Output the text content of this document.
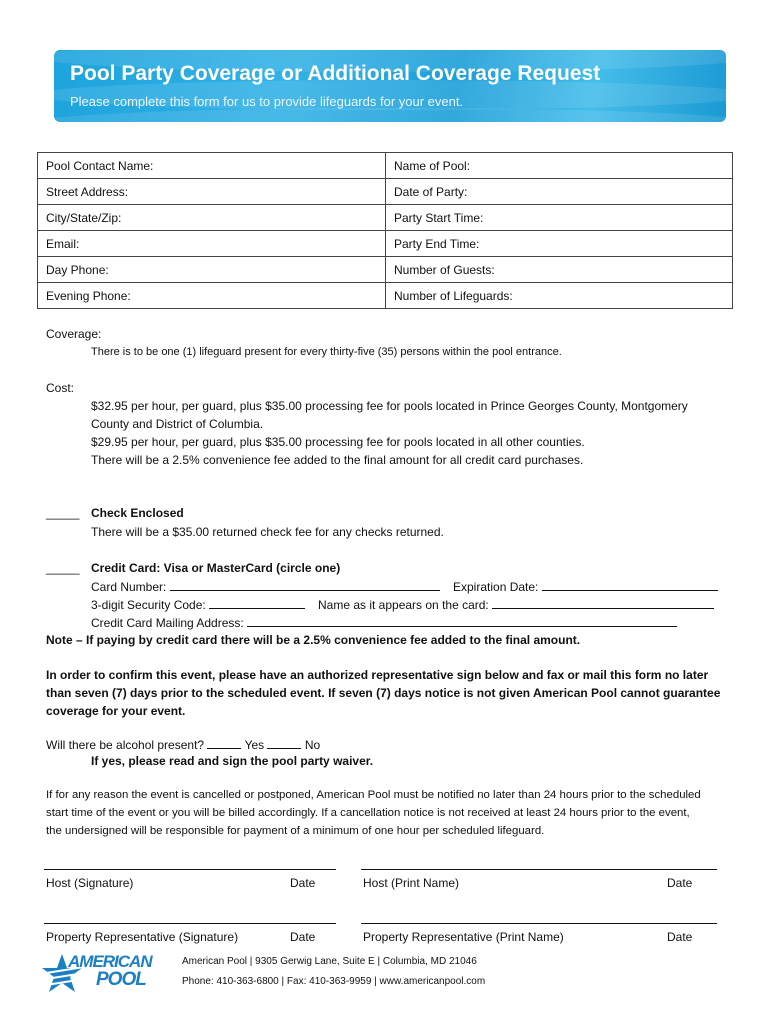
Pool Party Coverage or Additional Coverage Request
Please complete this form for us to provide lifeguards for your event.
Pool Contact Name:	Name of Pool:
Street Address:	Date of Party:
City/State/Zip:	Party Start Time:
Email:	Party End Time:
Day Phone:	Number of Guests:
Evening Phone:	Number of Lifeguards:
Coverage:
There is to be one (1) lifeguard present for every thirty-five (35) persons within the pool entrance.
Cost:
$32.95 per hour, per guard, plus $35.00 processing fee for pools located in Prince Georges County, Montgomery
County and District of Columbia.
$29.95 per hour, per guard, plus $35.00 processing fee for pools located in all other counties.
There will be a 2.5% convenience fee added to the final amount for all credit card purchases.
_____ Check Enclosed
There will be a $35.00 returned check fee for any checks returned.
_____ Credit Card: Visa or MasterCard (circle one)
Card Number:	Expiration Date:
3-digit Security Code:	Name as it appears on the card:
Credit Card Mailing Address:
Note – If paying by credit card there will be a 2.5% convenience fee added to the final amount.
In order to confirm this event, please have an authorized representative sign below and fax or mail this form no later
than seven (7) days prior to the scheduled event. If seven (7) days notice is not given American Pool cannot guarantee
coverage for your event.
Will there be alcohol present?	Yes	No
If yes, please read and sign the pool party waiver.
If for any reason the event is cancelled or postponed, American Pool must be notified no later than 24 hours prior to the scheduled
start time of the event or you will be billed accordingly. If a cancellation notice is not received at least 24 hours prior to the event,
the undersigned will be responsible for payment of a minimum of one hour per scheduled lifeguard.
Host (Signature)	Date	Host (Print Name)	Date
Property Representative (Signature)	Date	Property Representative (Print Name)	Date
AMERICAN
POOL
American Pool | 9305 Gerwig Lane, Suite E | Columbia, MD 21046
Phone: 410-363-6800 | Fax: 410-363-9959 | www.americanpool.com
